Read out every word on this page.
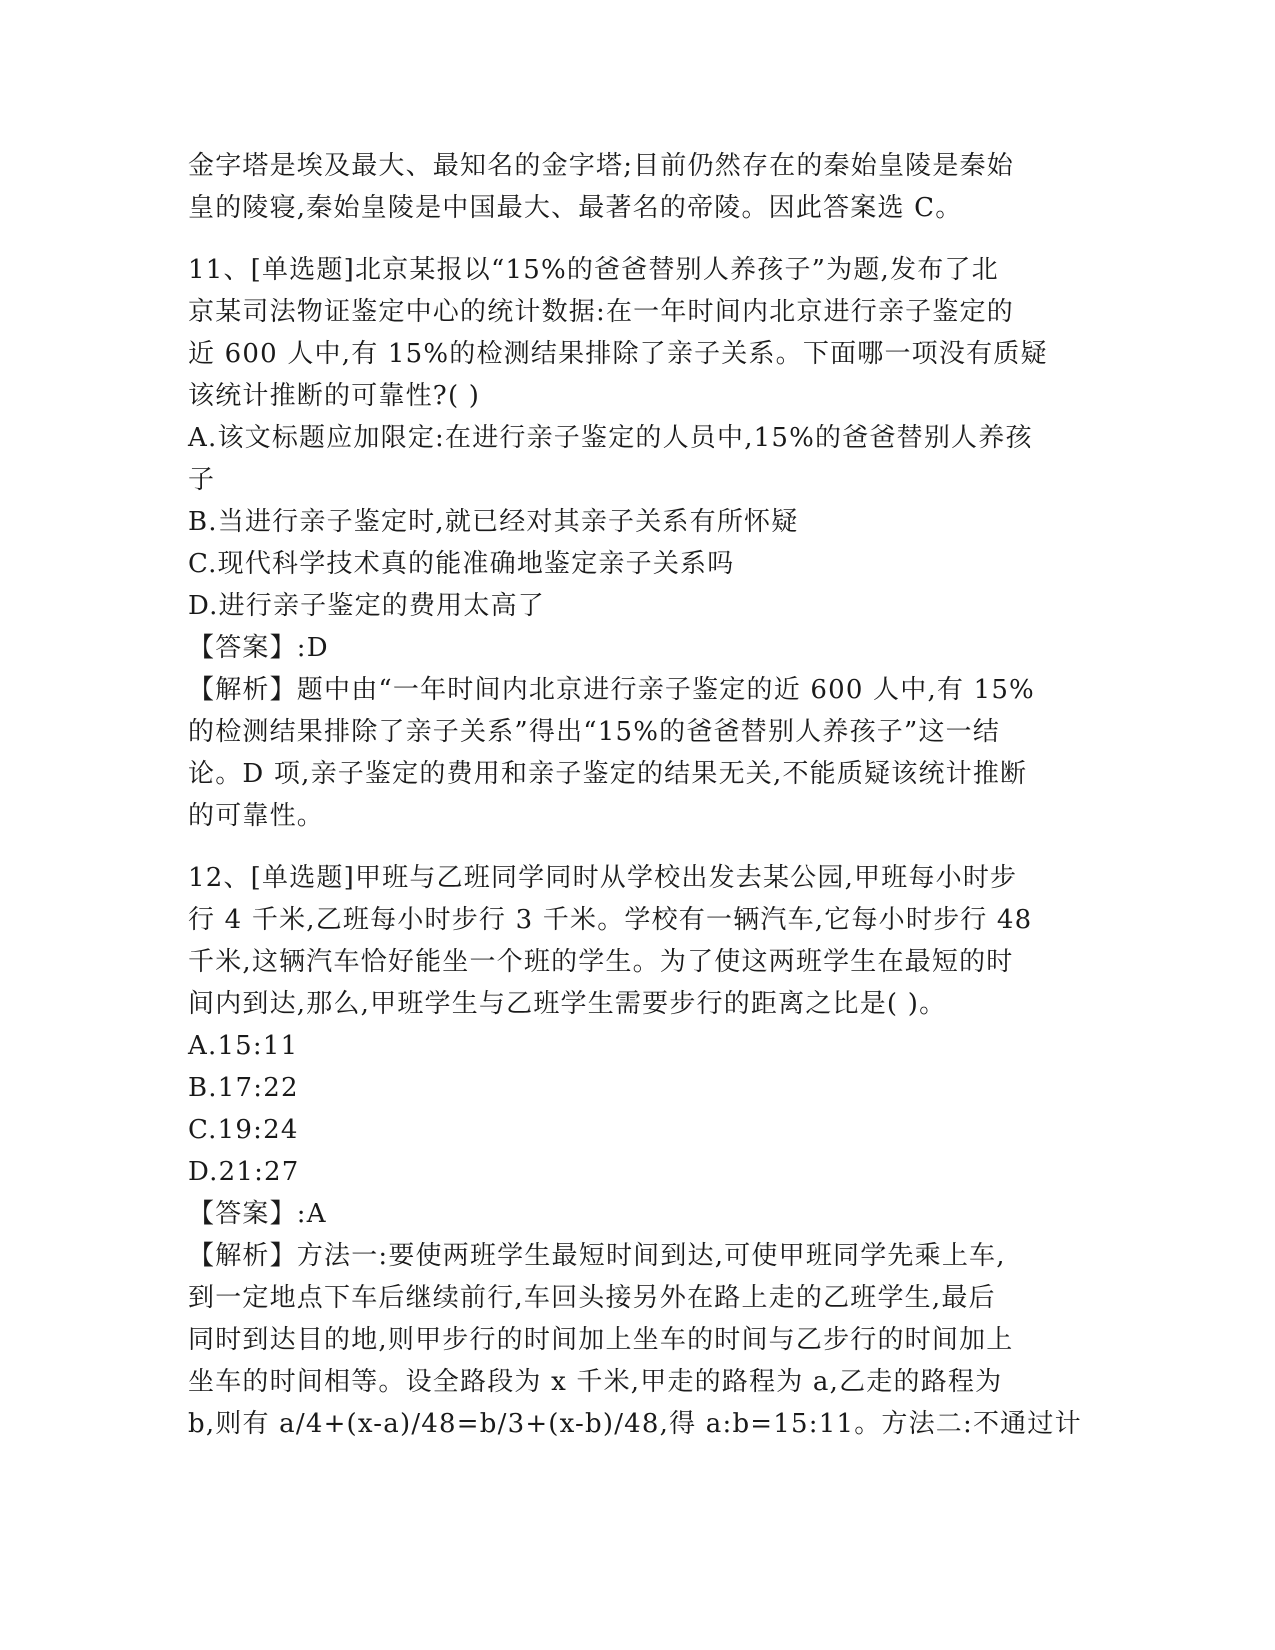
金字塔是埃及最大、最知名的金字塔;目前仍然存在的秦始皇陵是秦始
皇的陵寝,秦始皇陵是中国最大、最著名的帝陵。因此答案选 C。
11、[单选题]北京某报以“15%的爸爸替别人养孩子”为题,发布了北
京某司法物证鉴定中心的统计数据:在一年时间内北京进行亲子鉴定的
近 600 人中,有 15%的检测结果排除了亲子关系。下面哪一项没有质疑
该统计推断的可靠性?( )
A.该文标题应加限定:在进行亲子鉴定的人员中,15%的爸爸替别人养孩
子
B.当进行亲子鉴定时,就已经对其亲子关系有所怀疑
C.现代科学技术真的能准确地鉴定亲子关系吗
D.进行亲子鉴定的费用太高了
【答案】:D
【解析】题中由“一年时间内北京进行亲子鉴定的近 600 人中,有 15%
的检测结果排除了亲子关系”得出“15%的爸爸替别人养孩子”这一结
论。D 项,亲子鉴定的费用和亲子鉴定的结果无关,不能质疑该统计推断
的可靠性。
12、[单选题]甲班与乙班同学同时从学校出发去某公园,甲班每小时步
行 4 千米,乙班每小时步行 3 千米。学校有一辆汽车,它每小时步行 48
千米,这辆汽车恰好能坐一个班的学生。为了使这两班学生在最短的时
间内到达,那么,甲班学生与乙班学生需要步行的距离之比是( )。
A.15:11
B.17:22
C.19:24
D.21:27
【答案】:A
【解析】方法一:要使两班学生最短时间到达,可使甲班同学先乘上车,
到一定地点下车后继续前行,车回头接另外在路上走的乙班学生,最后
同时到达目的地,则甲步行的时间加上坐车的时间与乙步行的时间加上
坐车的时间相等。设全路段为 x 千米,甲走的路程为 a,乙走的路程为
b,则有 a/4+(x-a)/48=b/3+(x-b)/48,得 a:b=15:11。方法二:不通过计
